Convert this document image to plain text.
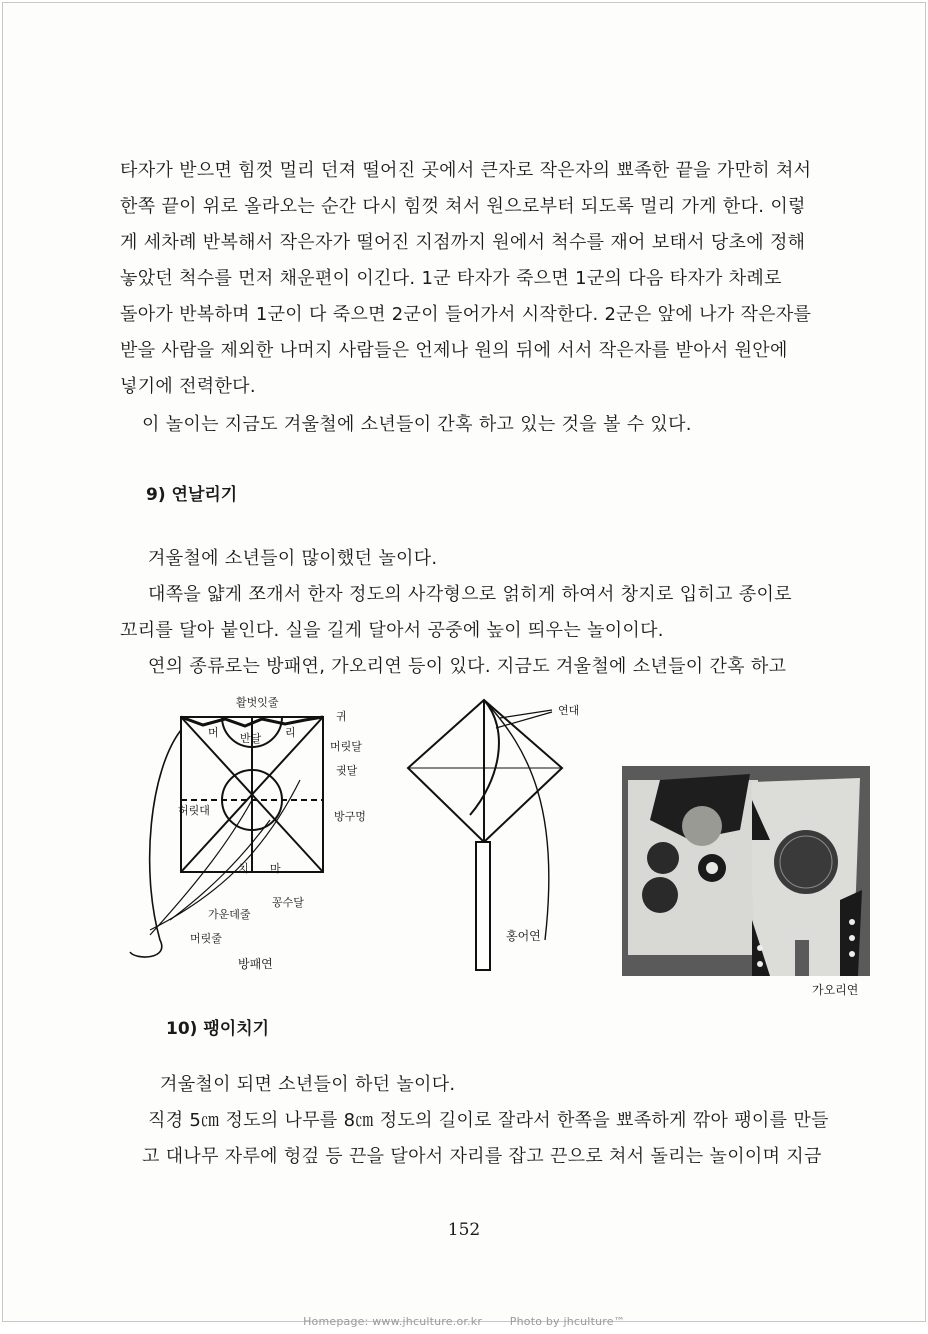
타자가 받으면 힘껏 멀리 던져 떨어진 곳에서 큰자로 작은자의 뾰족한 끝을 가만히 쳐서
한쪽 끝이 위로 올라오는 순간 다시 힘껏 쳐서 원으로부터 되도록 멀리 가게 한다. 이렇
게 세차례 반복해서 작은자가 떨어진 지점까지 원에서 척수를 재어 보태서 당초에 정해
놓았던 척수를 먼저 채운편이 이긴다. 1군 타자가 죽으면 1군의 다음 타자가 차례로
돌아가 반복하며 1군이 다 죽으면 2군이 들어가서 시작한다. 2군은 앞에 나가 작은자를
받을 사람을 제외한 나머지 사람들은 언제나 원의 뒤에 서서 작은자를 받아서 원안에
넣기에 전력한다.
이 놀이는 지금도 겨울철에 소년들이 간혹 하고 있는 것을 볼 수 있다.
9) 연날리기
겨울철에 소년들이 많이했던 놀이다.
대쪽을 얇게 쪼개서 한자 정도의 사각형으로 얽히게 하여서 창지로 입히고 종이로
꼬리를 달아 붙인다. 실을 길게 달아서 공중에 높이 띄우는 놀이이다.
연의 종류로는 방패연, 가오리연 등이 있다. 지금도 겨울철에 소년들이 간혹 하고
활벗잇줄
귀
머	리
반달
머릿달
귓달
허릿대	방구멍
치 마
꽁수달
가운데줄
머릿줄
방패연
연대
홍어연
가오리연
10) 팽이치기
겨울철이 되면 소년들이 하던 놀이다.
직경 5㎝ 정도의 나무를 8㎝ 정도의 길이로 잘라서 한쪽을 뾰족하게 깎아 팽이를 만들
고 대나무 자루에 헝겊 등 끈을 달아서 자리를 잡고 끈으로 쳐서 돌리는 놀이이며 지금
152
Homepage: www.jhculture.or.kr	Photo by jhculture™
